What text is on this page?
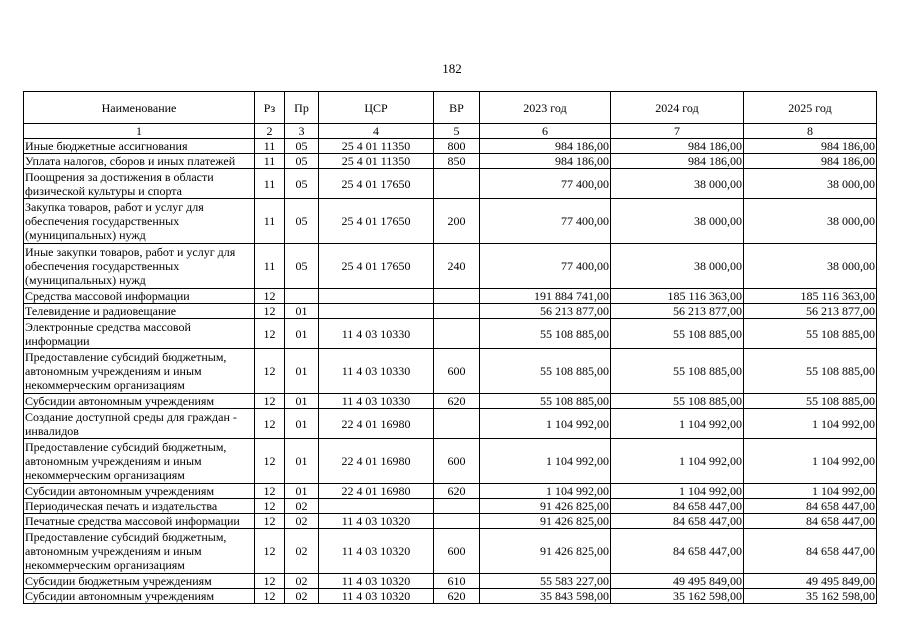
182
Наименование	Рз	Пр	ЦСР	ВР	2023 год	2024 год	2025 год
1	2	3	4	5	6	7	8
Иные бюджетные ассигнования	11	05	25 4 01 11350	800	984 186,00	984 186,00	984 186,00
Уплата налогов, сборов и иных платежей	11	05	25 4 01 11350	850	984 186,00	984 186,00	984 186,00
Поощрения за достижения в области физической культуры и спорта	11	05	25 4 01 17650		77 400,00	38 000,00	38 000,00
Закупка товаров, работ и услуг для обеспечения государственных (муниципальных) нужд	11	05	25 4 01 17650	200	77 400,00	38 000,00	38 000,00
Иные закупки товаров, работ и услуг для обеспечения государственных (муниципальных) нужд	11	05	25 4 01 17650	240	77 400,00	38 000,00	38 000,00
Средства массовой информации	12				191 884 741,00	185 116 363,00	185 116 363,00
Телевидение и радиовещание	12	01			56 213 877,00	56 213 877,00	56 213 877,00
Электронные средства массовой информации	12	01	11 4 03 10330		55 108 885,00	55 108 885,00	55 108 885,00
Предоставление субсидий бюджетным, автономным учреждениям и иным некоммерческим организациям	12	01	11 4 03 10330	600	55 108 885,00	55 108 885,00	55 108 885,00
Субсидии автономным учреждениям	12	01	11 4 03 10330	620	55 108 885,00	55 108 885,00	55 108 885,00
Создание доступной среды для граждан - инвалидов	12	01	22 4 01 16980		1 104 992,00	1 104 992,00	1 104 992,00
Предоставление субсидий бюджетным, автономным учреждениям и иным некоммерческим организациям	12	01	22 4 01 16980	600	1 104 992,00	1 104 992,00	1 104 992,00
Субсидии автономным учреждениям	12	01	22 4 01 16980	620	1 104 992,00	1 104 992,00	1 104 992,00
Периодическая печать и издательства	12	02			91 426 825,00	84 658 447,00	84 658 447,00
Печатные средства массовой информации	12	02	11 4 03 10320		91 426 825,00	84 658 447,00	84 658 447,00
Предоставление субсидий бюджетным, автономным учреждениям и иным некоммерческим организациям	12	02	11 4 03 10320	600	91 426 825,00	84 658 447,00	84 658 447,00
Субсидии бюджетным учреждениям	12	02	11 4 03 10320	610	55 583 227,00	49 495 849,00	49 495 849,00
Субсидии автономным учреждениям	12	02	11 4 03 10320	620	35 843 598,00	35 162 598,00	35 162 598,00
